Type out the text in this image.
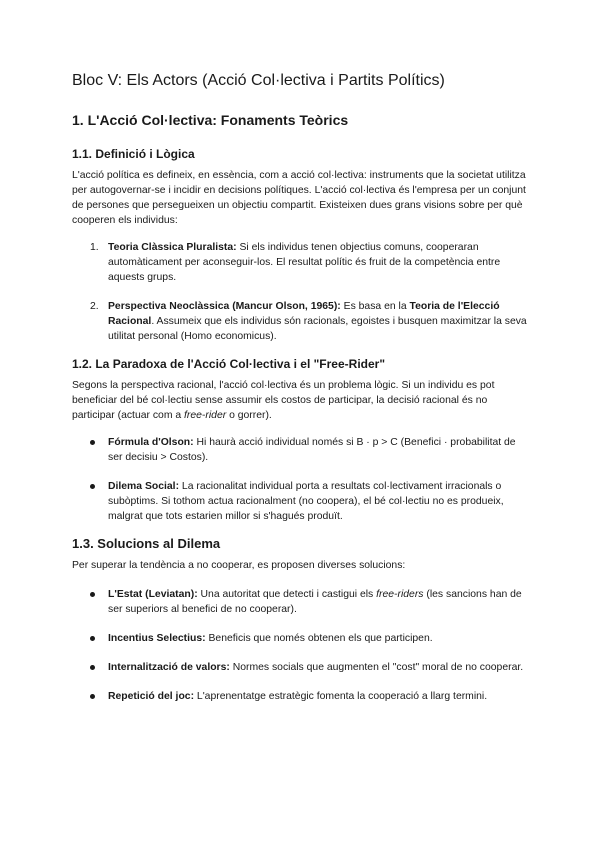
Bloc V: Els Actors (Acció Col·lectiva i Partits Polítics)
1. L'Acció Col·lectiva: Fonaments Teòrics
1.1. Definició i Lògica

L'acció política es defineix, en essència, com a acció col·lectiva: instruments que la societat utilitza per autogovernar-se i incidir en decisions polítiques. L'acció col·lectiva és l'empresa per un conjunt de persones que persegueixen un objectiu compartit. Existeixen dues grans visions sobre per què cooperen els individus:

1. Teoria Clàssica Pluralista: Si els individus tenen objectius comuns, cooperaran automàticament per aconseguir-los. El resultat polític és fruit de la competència entre aquests grups.
2. Perspectiva Neoclàssica (Mancur Olson, 1965): Es basa en la Teoria de l'Elecció Racional. Assumeix que els individus són racionals, egoistes i busquen maximitzar la seva utilitat personal (Homo economicus).
1.2. La Paradoxa de l'Acció Col·lectiva i el "Free-Rider"

Segons la perspectiva racional, l'acció col·lectiva és un problema lògic. Si un individu es pot beneficiar del bé col·lectiu sense assumir els costos de participar, la decisió racional és no participar (actuar com a free-rider o gorrer).

Fórmula d'Olson: Hi haurà acció individual només si B · p > C (Benefici · probabilitat de ser decisiu > Costos).
Dilema Social: La racionalitat individual porta a resultats col·lectivament irracionals o subòptims. Si tothom actua racionalment (no coopera), el bé col·lectiu no es produeix, malgrat que tots estarien millor si s'hagués produït.
1.3. Solucions al Dilema

Per superar la tendència a no cooperar, es proposen diverses solucions:

L'Estat (Leviatan): Una autoritat que detecti i castigui els free-riders (les sancions han de ser superiors al benefici de no cooperar).
Incentius Selectius: Beneficis que només obtenen els que participen.
Internalització de valors: Normes socials que augmenten el "cost" moral de no cooperar.
Repetició del joc: L'aprenentatge estratègic fomenta la cooperació a llarg termini.
